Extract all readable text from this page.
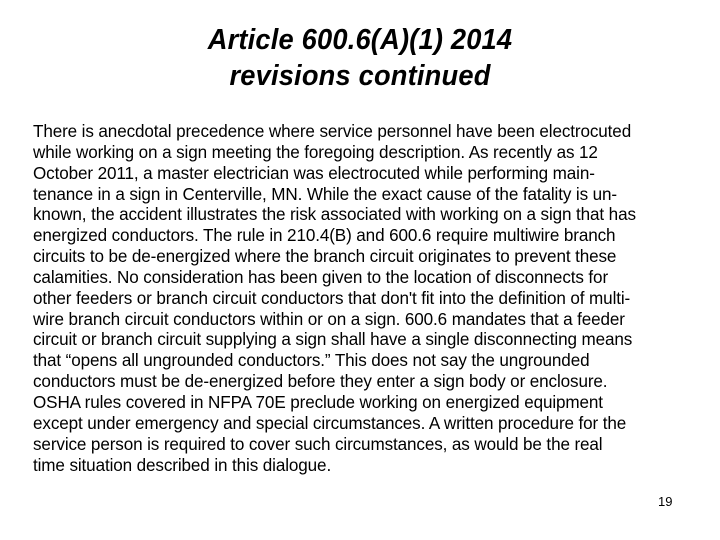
Article 600.6(A)(1) 2014
revisions continued
There is anecdotal precedence where service personnel have been electrocuted
while working on a sign meeting the foregoing description. As recently as 12
October 2011, a master electrician was electrocuted while performing main-
tenance in a sign in Centerville, MN. While the exact cause of the fatality is un-
known, the accident illustrates the risk associated with working on a sign that has
energized conductors. The rule in 210.4(B) and 600.6 require multiwire branch
circuits to be de-energized where the branch circuit originates to prevent these
calamities. No consideration has been given to the location of disconnects for
other feeders or branch circuit conductors that don't fit into the definition of multi-
wire branch circuit conductors within or on a sign. 600.6 mandates that a feeder
circuit or branch circuit supplying a sign shall have a single disconnecting means
that “opens all ungrounded conductors.” This does not say the ungrounded
conductors must be de-energized before they enter a sign body or enclosure.
OSHA rules covered in NFPA 70E preclude working on energized equipment
except under emergency and special circumstances. A written procedure for the
service person is required to cover such circumstances, as would be the real
time situation described in this dialogue.
19
